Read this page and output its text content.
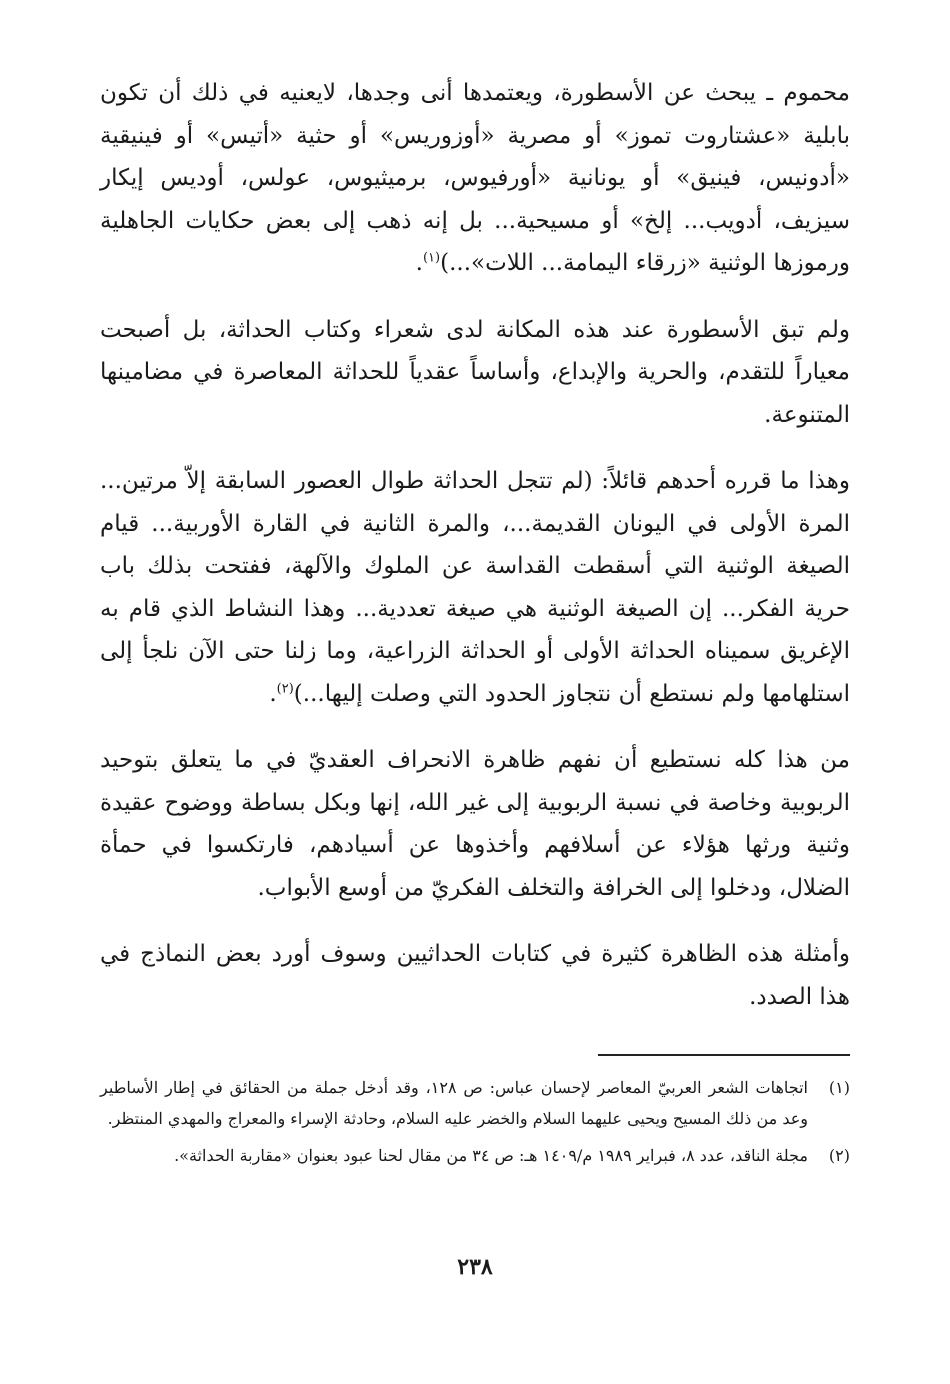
محموم ـ يبحث عن الأسطورة، ويعتمدها أنى وجدها، لايعنيه في ذلك أن تكون بابلية «عشتاروت تموز» أو مصرية «أوزوريس» أو حثية «أتيس» أو فينيقية «أدونيس، فينيق» أو يونانية «أورفيوس، برميثيوس، عولس، أوديس إيكار سيزيف، أدويب... إلخ» أو مسيحية... بل إنه ذهب إلى بعض حكايات الجاهلية ورموزها الوثنية «زرقاء اليمامة... اللات»...)$^{(١)}$.

ولم تبق الأسطورة عند هذه المكانة لدى شعراء وكتاب الحداثة، بل أصبحت معياراً للتقدم، والحرية والإبداع، وأساساً عقدياً للحداثة المعاصرة في مضامينها المتنوعة.

وهذا ما قرره أحدهم قائلاً: (لم تتجل الحداثة طوال العصور السابقة إلاّ مرتين... المرة الأولى في اليونان القديمة...، والمرة الثانية في القارة الأوربية... قيام الصيغة الوثنية التي أسقطت القداسة عن الملوك والآلهة، ففتحت بذلك باب حرية الفكر... إن الصيغة الوثنية هي صيغة تعددية... وهذا النشاط الذي قام به الإغريق سميناه الحداثة الأولى أو الحداثة الزراعية، وما زلنا حتى الآن نلجأ إلى استلهامها ولم نستطع أن نتجاوز الحدود التي وصلت إليها...)$^{(٢)}$.

من هذا كله نستطيع أن نفهم ظاهرة الانحراف العقديّ في ما يتعلق بتوحيد الربوبية وخاصة في نسبة الربوبية إلى غير الله، إنها وبكل بساطة ووضوح عقيدة وثنية ورثها هؤلاء عن أسلافهم وأخذوها عن أسيادهم، فارتكسوا في حمأة الضلال، ودخلوا إلى الخرافة والتخلف الفكريّ من أوسع الأبواب.

وأمثلة هذه الظاهرة كثيرة في كتابات الحداثيين وسوف أورد بعض النماذج في هذا الصدد.

(١)
اتجاهات الشعر العربيّ المعاصر لإحسان عباس: ص ١٢٨، وقد أدخل جملة من الحقائق في إطار الأساطير وعد من ذلك المسيح ويحيى عليهما السلام والخضر عليه السلام، وحادثة الإسراء والمعراج والمهدي المنتظر.
(٢)
مجلة الناقد، عدد ٨، فبراير ١٩٨٩ م/١٤٠٩ هـ: ص ٣٤ من مقال لحنا عبود بعنوان «مقاربة الحداثة».
٢٣٨
